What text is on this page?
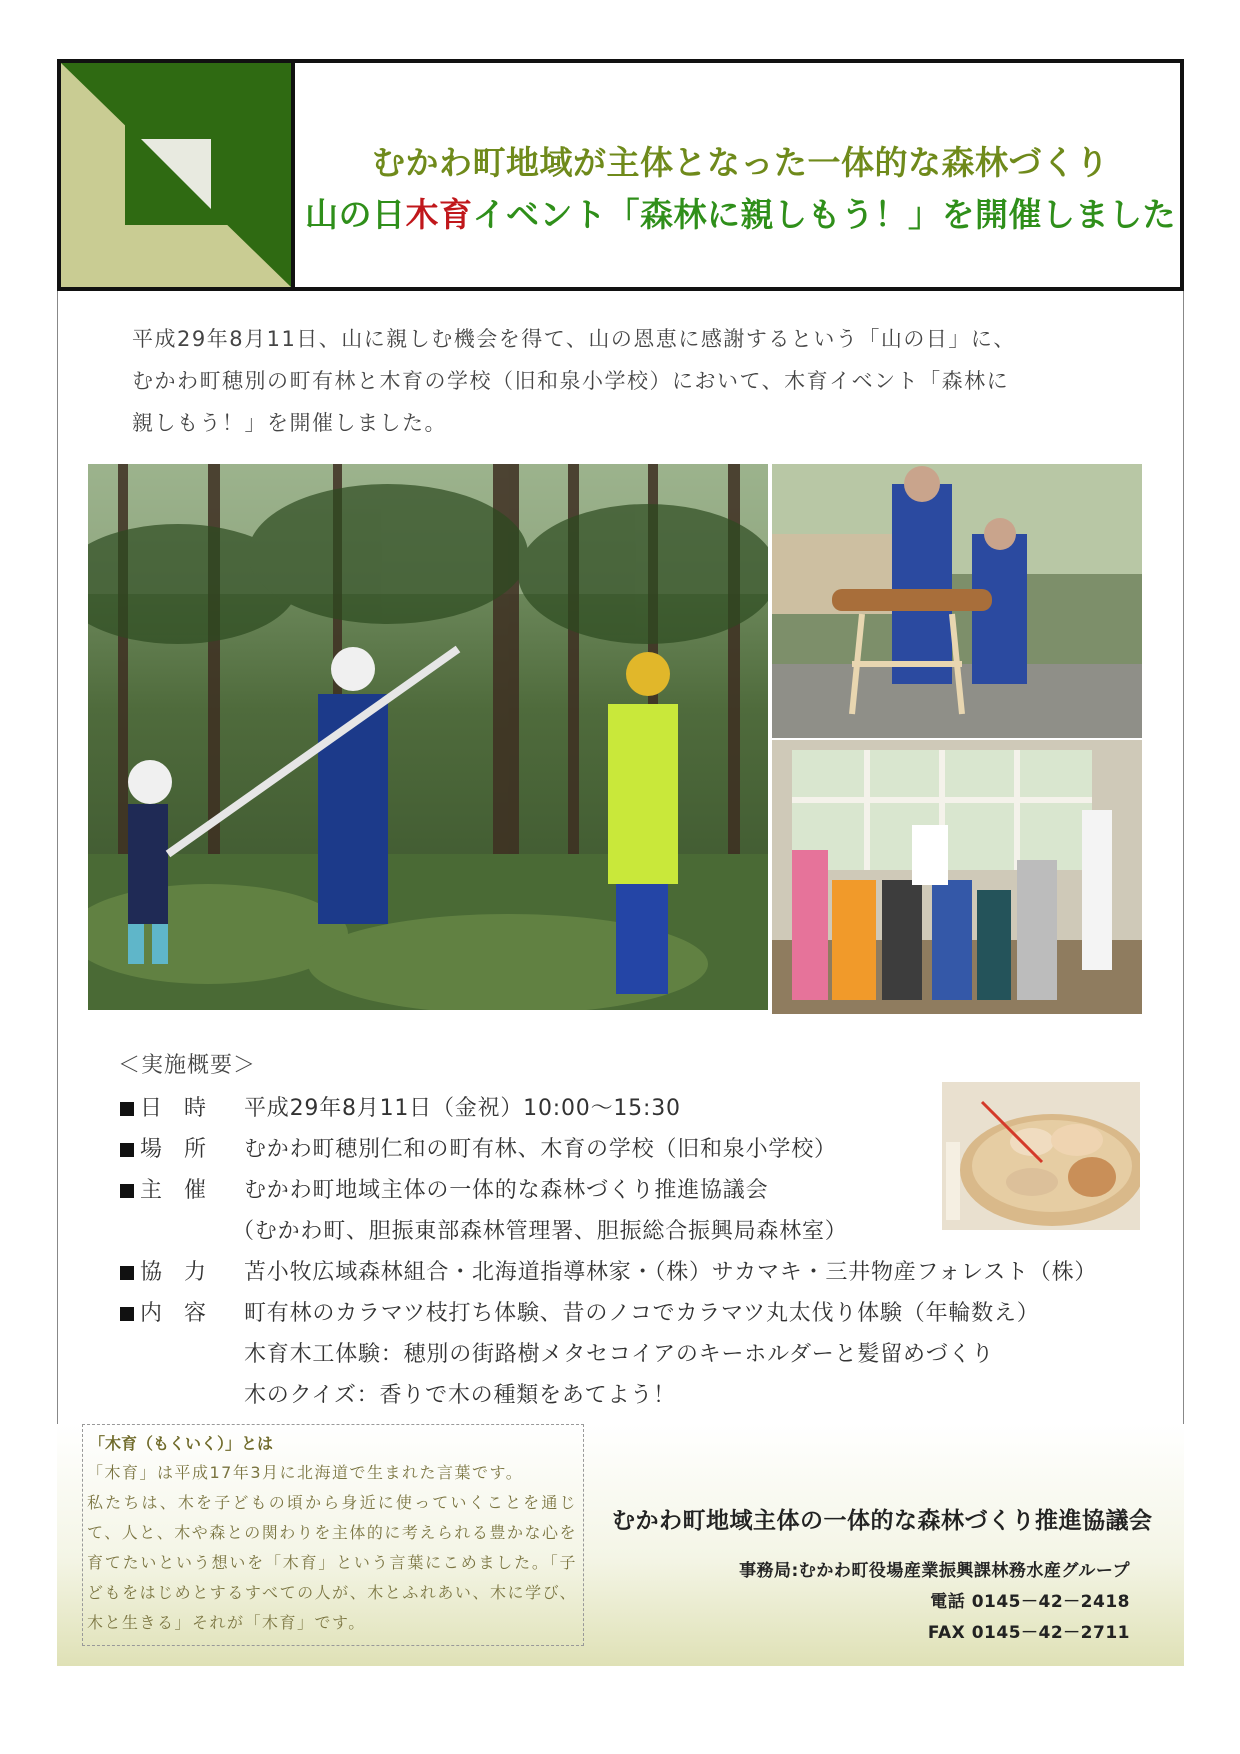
むかわ町地域が主体となった一体的な森林づくり
山の日木育イベント「森林に親しもう！」を開催しました
平成29年8月11日、山に親しむ機会を得て、山の恩恵に感謝するという「山の日」に、
むかわ町穂別の町有林と木育の学校（旧和泉小学校）において、木育イベント「森林に
親しもう！」を開催しました。
＜実施概要＞
日 時	平成29年8月11日（金祝）10:00～15:30
場 所	むかわ町穂別仁和の町有林、木育の学校（旧和泉小学校）
主 催	むかわ町地域主体の一体的な森林づくり推進協議会
（むかわ町、胆振東部森林管理署、胆振総合振興局森林室）
協 力	苫小牧広域森林組合・北海道指導林家・（株）サカマキ・三井物産フォレスト（株）
内 容	町有林のカラマツ枝打ち体験、昔のノコでカラマツ丸太伐り体験（年輪数え）
木育木工体験：穂別の街路樹メタセコイアのキーホルダーと髪留めづくり
木のクイズ：香りで木の種類をあてよう！
「木育（もくいく）」とは

「木育」は平成17年3月に北海道で生まれた言葉です。

私たちは、木を子どもの頃から身近に使っていくことを通じて、人と、木や森との関わりを主体的に考えられる豊かな心を育てたいという想いを「木育」という言葉にこめました。「子どもをはじめとするすべての人が、木とふれあい、木に学び、木と生きる」それが「木育」です。

むかわ町地域主体の一体的な森林づくり推進協議会
事務局:むかわ町役場産業振興課林務水産グループ
電話 0145－42－2418
FAX 0145－42－2711
